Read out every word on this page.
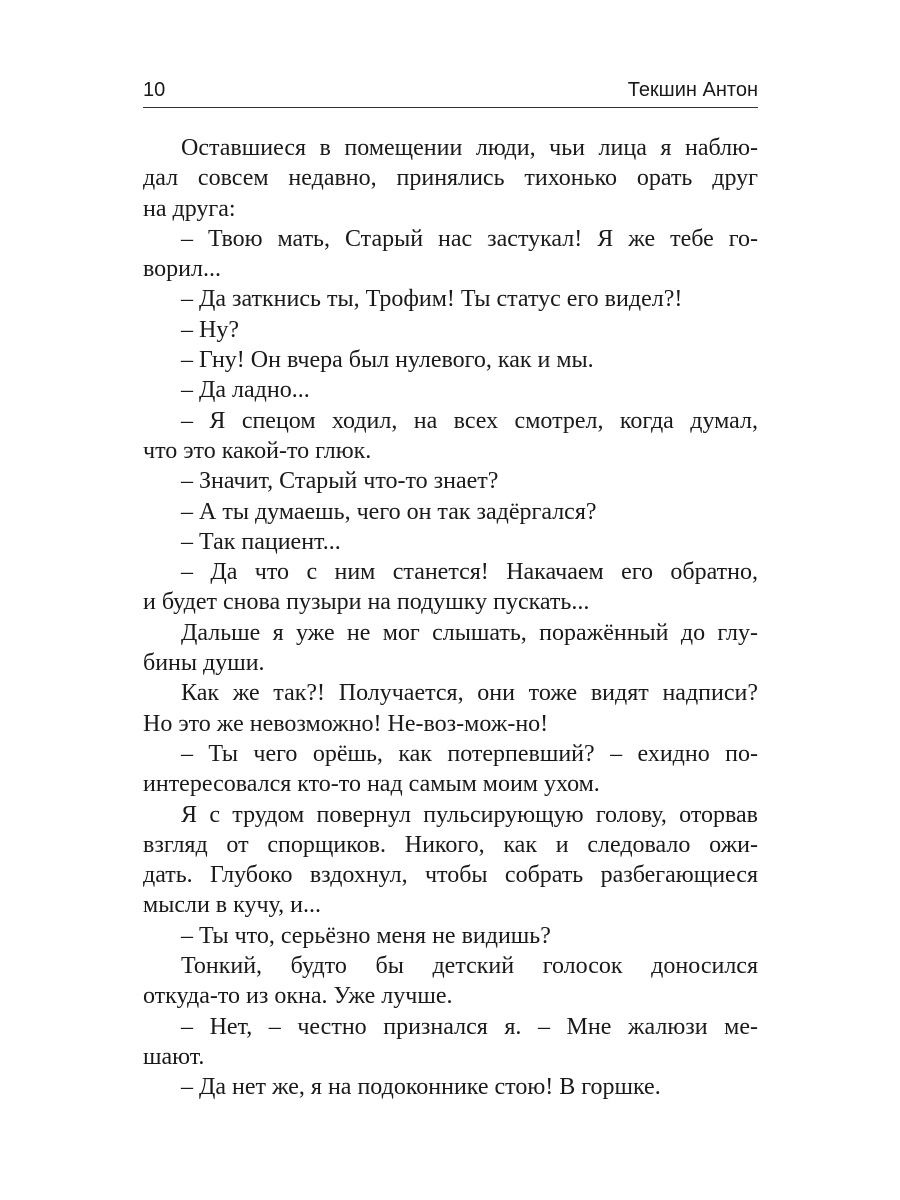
10	Текшин Антон
Оставшиеся в помещении люди, чьи лица я наблю-
дал совсем недавно, принялись тихонько орать друг
на друга:
– Твою мать, Старый нас застукал! Я же тебе го-
ворил...
– Да заткнись ты, Трофим! Ты статус его видел?!
– Ну?
– Гну! Он вчера был нулевого, как и мы.
– Да ладно...
– Я спецом ходил, на всех смотрел, когда думал,
что это какой-то глюк.
– Значит, Старый что-то знает?
– А ты думаешь, чего он так задёргался?
– Так пациент...
– Да что с ним станется! Накачаем его обратно,
и будет снова пузыри на подушку пускать...
Дальше я уже не мог слышать, поражённый до глу-
бины души.
Как же так?! Получается, они тоже видят надписи?
Но это же невозможно! Не-воз-мож-но!
– Ты чего орёшь, как потерпевший? – ехидно по-
интересовался кто-то над самым моим ухом.
Я с трудом повернул пульсирующую голову, оторвав
взгляд от спорщиков. Никого, как и следовало ожи-
дать. Глубоко вздохнул, чтобы собрать разбегающиеся
мысли в кучу, и...
– Ты что, серьёзно меня не видишь?
Тонкий, будто бы детский голосок доносился
откуда-то из окна. Уже лучше.
– Нет, – честно признался я. – Мне жалюзи ме-
шают.
– Да нет же, я на подоконнике стою! В горшке.
